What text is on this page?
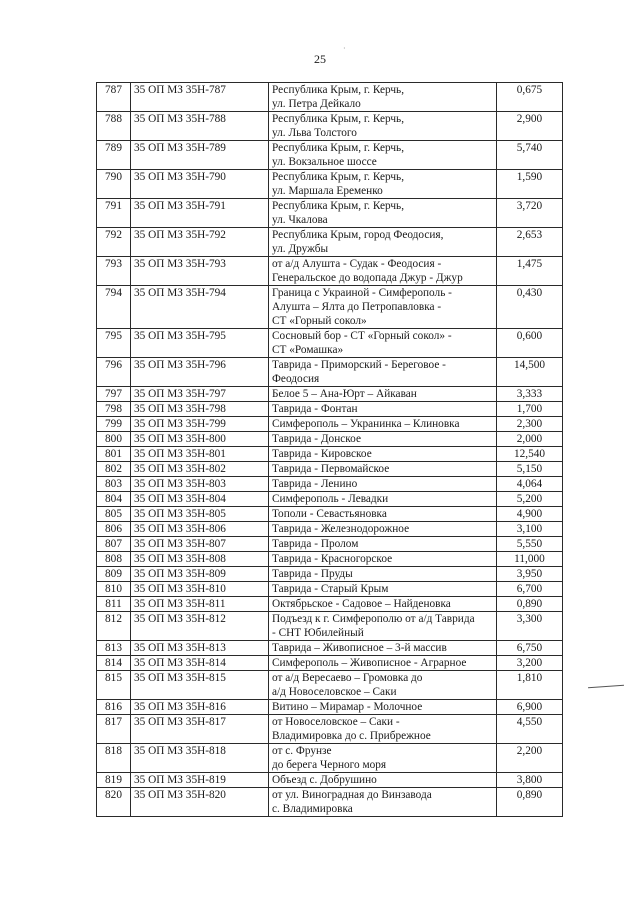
·
25
787	35 ОП МЗ 35Н-787	Республика Крым, г. Керчь,
ул. Петра Дейкало	0,675
788	35 ОП МЗ 35Н-788	Республика Крым, г. Керчь,
ул. Льва Толстого	2,900
789	35 ОП МЗ 35Н-789	Республика Крым, г. Керчь,
ул. Вокзальное шоссе	5,740
790	35 ОП МЗ 35Н-790	Республика Крым, г. Керчь,
ул. Маршала Еременко	1,590
791	35 ОП МЗ 35Н-791	Республика Крым, г. Керчь,
ул. Чкалова	3,720
792	35 ОП МЗ 35Н-792	Республика Крым, город Феодосия,
ул. Дружбы	2,653
793	35 ОП МЗ 35Н-793	от а/д Алушта - Судак - Феодосия -
Генеральское до водопада Джур - Джур	1,475
794	35 ОП МЗ 35Н-794	Граница с Украиной - Симферополь -
Алушта – Ялта до Петропавловка -
СТ «Горный сокол»	0,430
795	35 ОП МЗ 35Н-795	Сосновый бор - СТ «Горный сокол» -
СТ «Ромашка»	0,600
796	35 ОП МЗ 35Н-796	Таврида - Приморский - Береговое -
Феодосия	14,500
797	35 ОП МЗ 35Н-797	Белое 5 – Ана-Юрт – Айкаван	3,333
798	35 ОП МЗ 35Н-798	Таврида - Фонтан	1,700
799	35 ОП МЗ 35Н-799	Симферополь – Укранинка – Клиновка	2,300
800	35 ОП МЗ 35Н-800	Таврида - Донское	2,000
801	35 ОП МЗ 35Н-801	Таврида - Кировское	12,540
802	35 ОП МЗ 35Н-802	Таврида - Первомайское	5,150
803	35 ОП МЗ 35Н-803	Таврида - Ленино	4,064
804	35 ОП МЗ 35Н-804	Симферополь - Левадки	5,200
805	35 ОП МЗ 35Н-805	Тополи - Севастьяновка	4,900
806	35 ОП МЗ 35Н-806	Таврида - Железнодорожное	3,100
807	35 ОП МЗ 35Н-807	Таврида - Пролом	5,550
808	35 ОП МЗ 35Н-808	Таврида - Красногорское	11,000
809	35 ОП МЗ 35Н-809	Таврида - Пруды	3,950
810	35 ОП МЗ 35Н-810	Таврида - Старый Крым	6,700
811	35 ОП МЗ 35Н-811	Октябрьское - Садовое – Найденовка	0,890
812	35 ОП МЗ 35Н-812	Подъезд к г. Симферополю от а/д Таврида
- СНТ Юбилейный	3,300
813	35 ОП МЗ 35Н-813	Таврида – Живописное – 3-й массив	6,750
814	35 ОП МЗ 35Н-814	Симферополь – Живописное - Аграрное	3,200
815	35 ОП МЗ 35Н-815	от а/д Вересаево – Громовка до
а/д Новоселовское – Саки	1,810
816	35 ОП МЗ 35Н-816	Витино – Мирамар - Молочное	6,900
817	35 ОП МЗ 35Н-817	от Новоселовское – Саки -
Владимировка до с. Прибрежное	4,550
818	35 ОП МЗ 35Н-818	от с. Фрунзе
до берега Черного моря	2,200
819	35 ОП МЗ 35Н-819	Объезд с. Добрушино	3,800
820	35 ОП МЗ 35Н-820	от ул. Виноградная до Винзавода
с. Владимировка	0,890
